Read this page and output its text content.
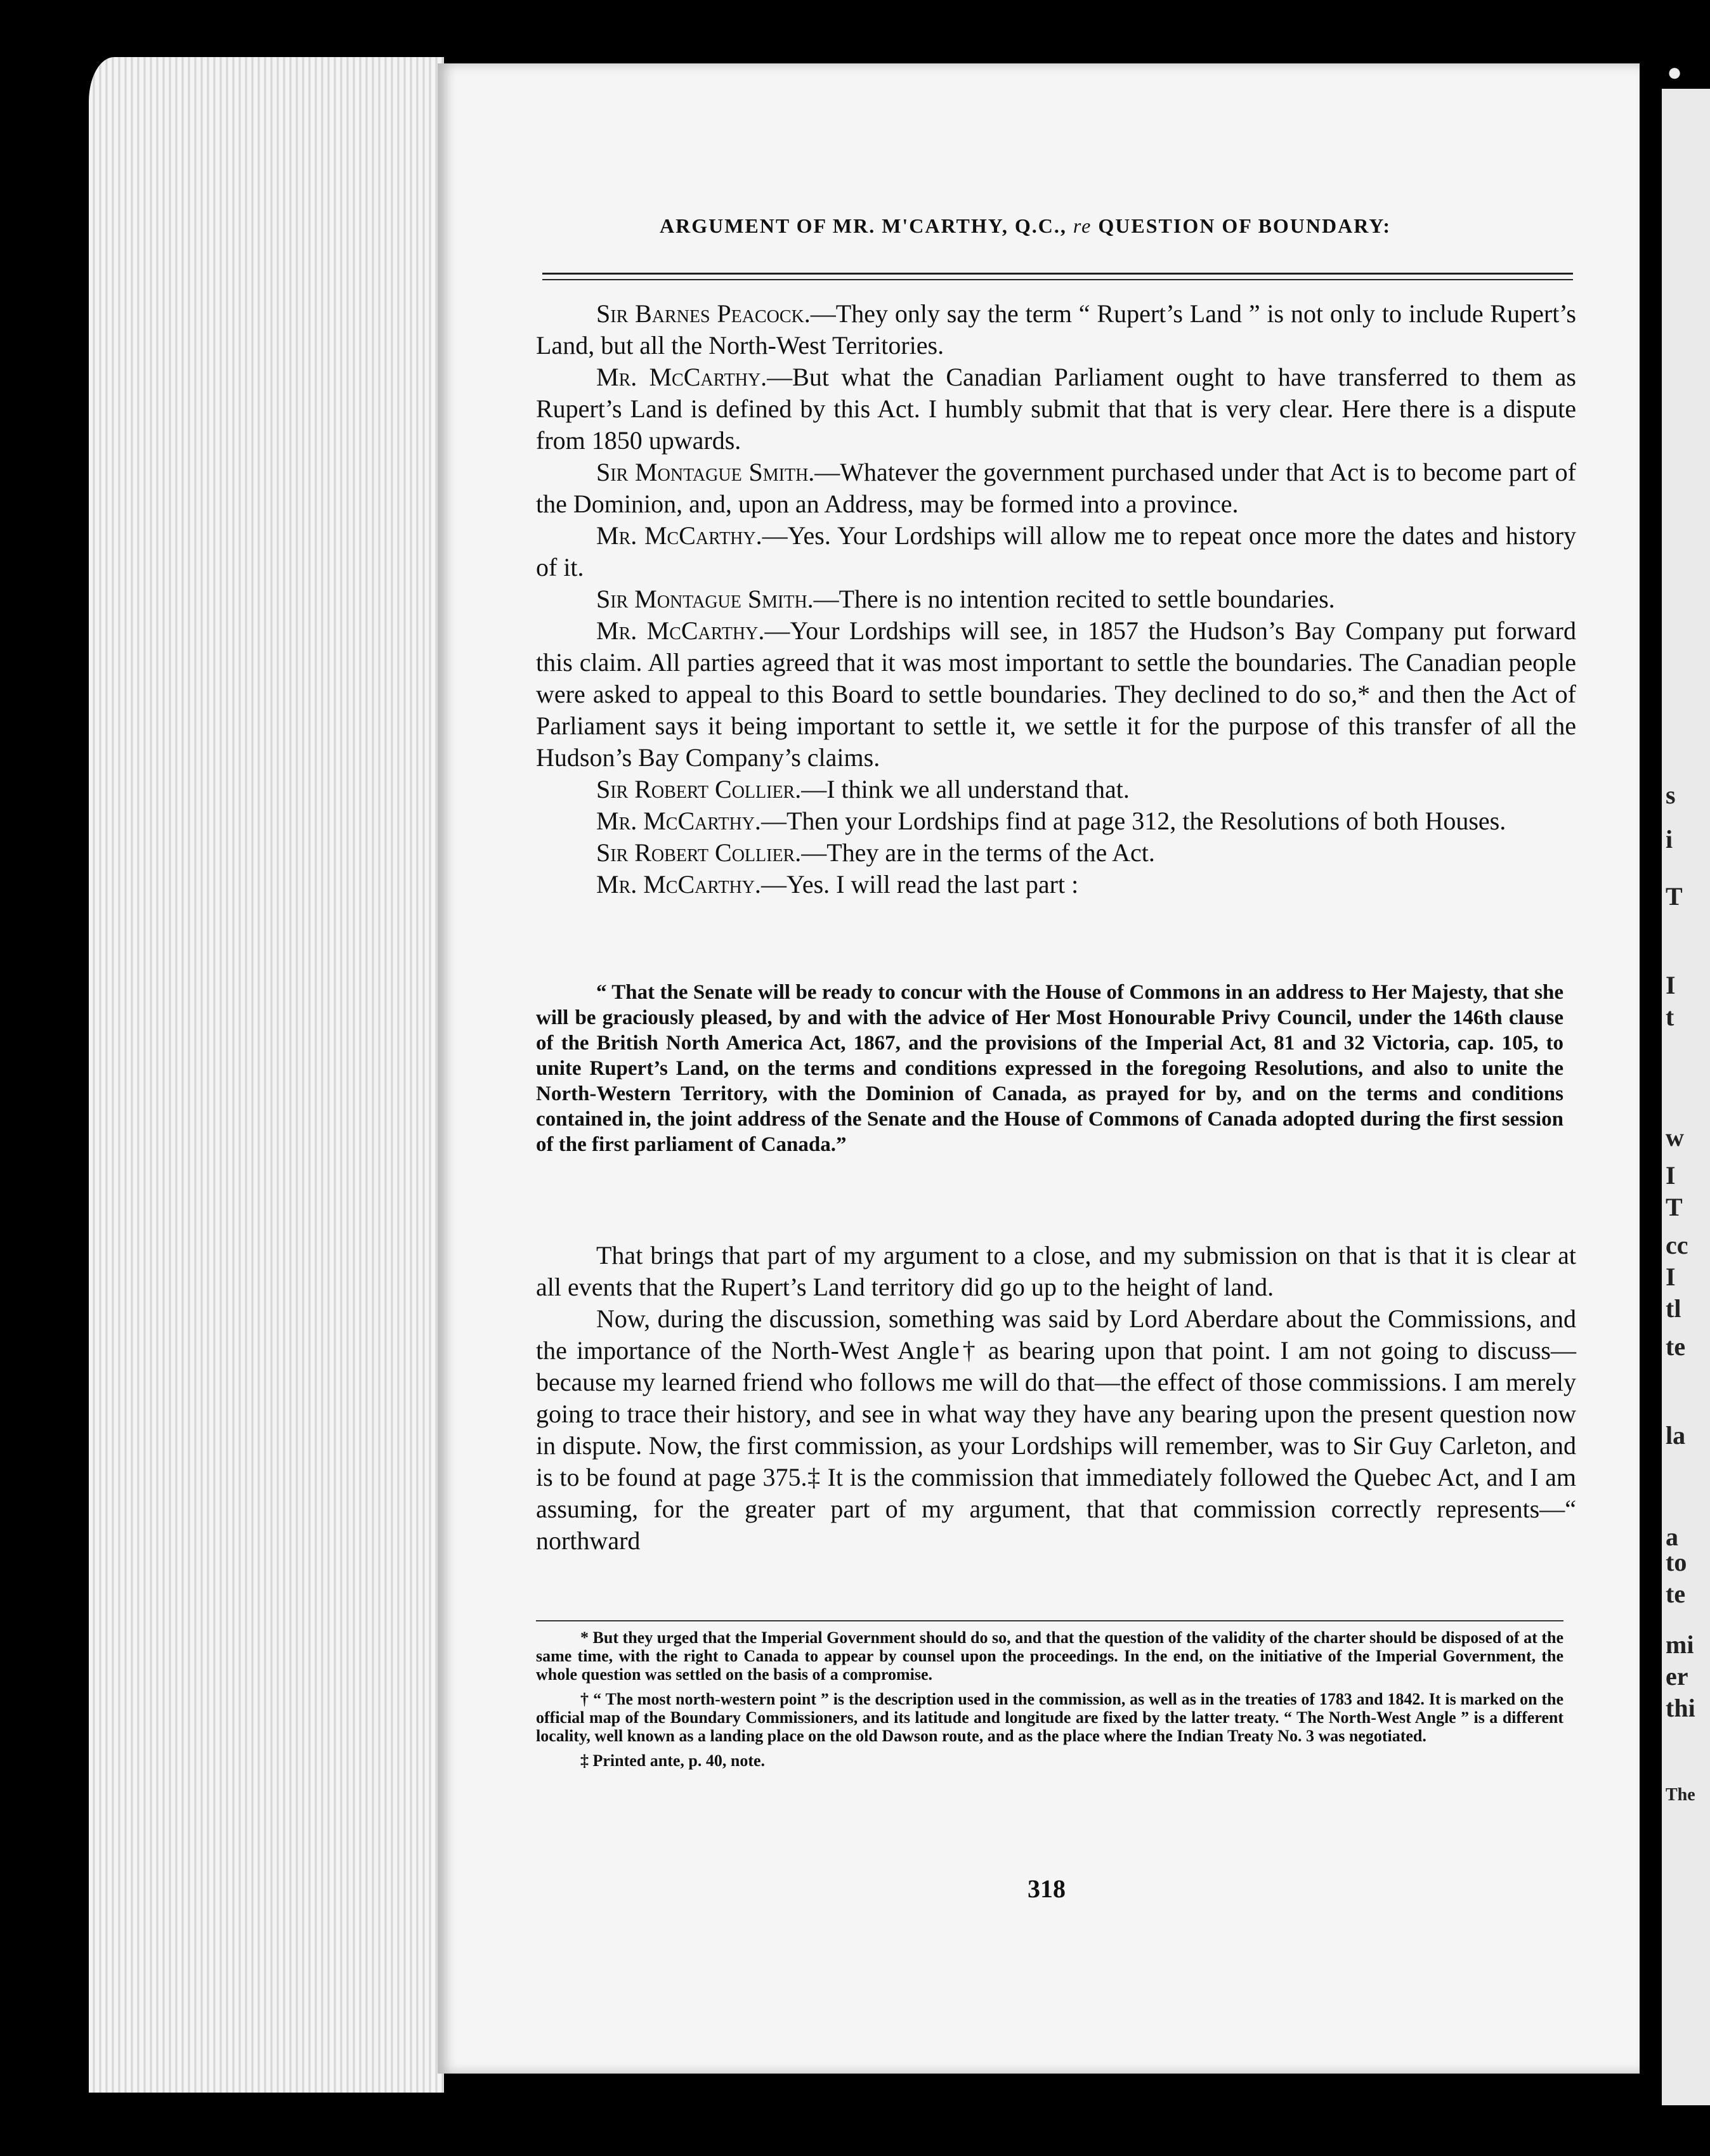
s
i
T
I
t
w
I
T
cc
I
tl
te
la
a
to
te
mi
er
thi
The
●
ARGUMENT OF MR. M'CARTHY, Q.C., re QUESTION OF BOUNDARY:

Sir Barnes Peacock.—They only say the term “ Rupert’s Land ” is not only to include Rupert’s Land, but all the North-West Territories.

Mr. McCarthy.—But what the Canadian Parliament ought to have transferred to them as Rupert’s Land is defined by this Act. I humbly submit that that is very clear. Here there is a dispute from 1850 upwards.

Sir Montague Smith.—Whatever the government purchased under that Act is to become part of the Dominion, and, upon an Address, may be formed into a province.

Mr. McCarthy.—Yes. Your Lordships will allow me to repeat once more the dates and history of it.

Sir Montague Smith.—There is no intention recited to settle boundaries.

Mr. McCarthy.—Your Lordships will see, in 1857 the Hudson’s Bay Company put forward this claim. All parties agreed that it was most important to settle the boundaries. The Canadian people were asked to appeal to this Board to settle boundaries. They declined to do so,* and then the Act of Parliament says it being important to settle it, we settle it for the purpose of this transfer of all the Hudson’s Bay Company’s claims.

Sir Robert Collier.—I think we all understand that.

Mr. McCarthy.—Then your Lordships find at page 312, the Resolutions of both Houses.

Sir Robert Collier.—They are in the terms of the Act.

Mr. McCarthy.—Yes. I will read the last part :

“ That the Senate will be ready to concur with the House of Commons in an address to Her Majesty, that she will be graciously pleased, by and with the advice of Her Most Honourable Privy Council, under the 146th clause of the British North America Act, 1867, and the provisions of the Imperial Act, 81 and 32 Victoria, cap. 105, to unite Rupert’s Land, on the terms and conditions expressed in the foregoing Resolutions, and also to unite the North-Western Territory, with the Dominion of Canada, as prayed for by, and on the terms and conditions contained in, the joint address of the Senate and the House of Commons of Canada adopted during the first session of the first parliament of Canada.”

That brings that part of my argument to a close, and my submission on that is that it is clear at all events that the Rupert’s Land territory did go up to the height of land.

Now, during the discussion, something was said by Lord Aberdare about the Commissions, and the importance of the North-West Angle† as bearing upon that point. I am not going to discuss—because my learned friend who follows me will do that—the effect of those commissions. I am merely going to trace their history, and see in what way they have any bearing upon the present question now in dispute. Now, the first commission, as your Lordships will remember, was to Sir Guy Carleton, and is to be found at page 375.‡ It is the commission that immediately followed the Quebec Act, and I am assuming, for the greater part of my argument, that that commission correctly represents—“ northward

* But they urged that the Imperial Government should do so, and that the question of the validity of the charter should be disposed of at the same time, with the right to Canada to appear by counsel upon the proceedings. In the end, on the initiative of the Imperial Government, the whole question was settled on the basis of a compromise.

† “ The most north-western point ” is the description used in the commission, as well as in the treaties of 1783 and 1842. It is marked on the official map of the Boundary Commissioners, and its latitude and longitude are fixed by the latter treaty. “ The North-West Angle ” is a different locality, well known as a landing place on the old Dawson route, and as the place where the Indian Treaty No. 3 was negotiated.

‡ Printed ante, p. 40, note.

318
